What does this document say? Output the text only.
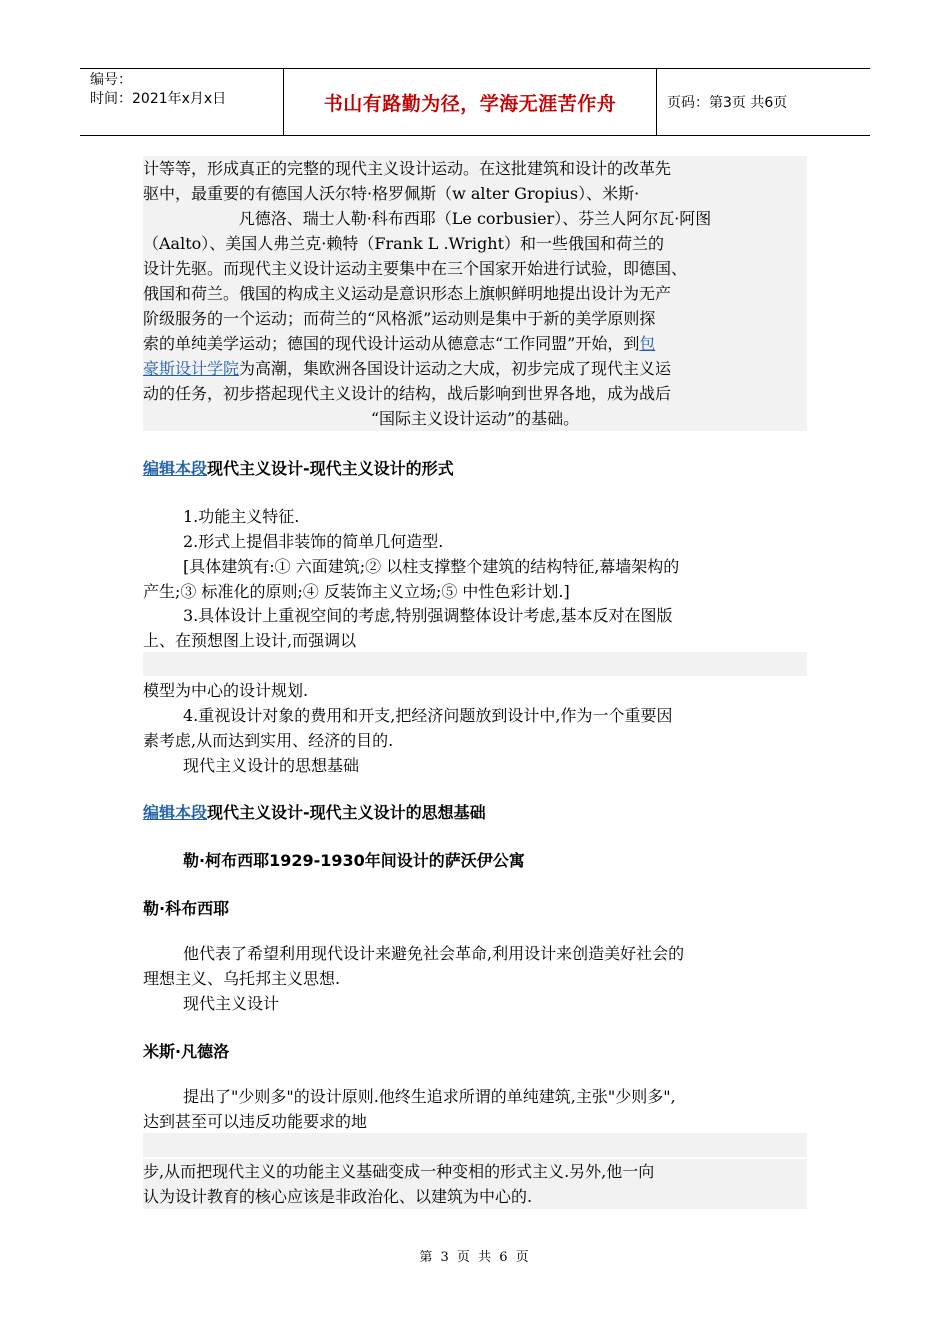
编号：
时间：2021年x月x日	书山有路勤为径，学海无涯苦作舟	页码：第3页 共6页
计等等，形成真正的完整的现代主义设计运动。在这批建筑和设计的改革先
驱中，最重要的有德国人沃尔特·格罗佩斯（w alter Gropius）、米斯·
凡德洛、瑞士人勒·科布西耶（Le corbusier）、芬兰人阿尔瓦·阿图
（Aalto）、美国人弗兰克·赖特（Frank L .Wright）和一些俄国和荷兰的
设计先驱。而现代主义设计运动主要集中在三个国家开始进行试验，即德国、
俄国和荷兰。俄国的构成主义运动是意识形态上旗帜鲜明地提出设计为无产
阶级服务的一个运动；而荷兰的“风格派”运动则是集中于新的美学原则探
索的单纯美学运动；德国的现代设计运动从德意志“工作同盟”开始，到包
豪斯设计学院为高潮，集欧洲各国设计运动之大成，初步完成了现代主义运
动的任务，初步搭起现代主义设计的结构，战后影响到世界各地，成为战后
“国际主义设计运动”的基础。
编辑本段现代主义设计-现代主义设计的形式
1.功能主义特征.
2.形式上提倡非装饰的简单几何造型.
[具体建筑有:① 六面建筑;② 以柱支撑整个建筑的结构特征,幕墙架构的
产生;③ 标准化的原则;④ 反装饰主义立场;⑤ 中性色彩计划.]
3.具体设计上重视空间的考虑,特别强调整体设计考虑,基本反对在图版
上、在预想图上设计,而强调以
模型为中心的设计规划.
4.重视设计对象的费用和开支,把经济问题放到设计中,作为一个重要因
素考虑,从而达到实用、经济的目的.
现代主义设计的思想基础
编辑本段现代主义设计-现代主义设计的思想基础
勒·柯布西耶1929-1930年间设计的萨沃伊公寓
勒·科布西耶
他代表了希望利用现代设计来避免社会革命,利用设计来创造美好社会的
理想主义、乌托邦主义思想.
现代主义设计
米斯·凡德洛
提出了"少则多"的设计原则.他终生追求所谓的单纯建筑,主张"少则多",
达到甚至可以违反功能要求的地
步,从而把现代主义的功能主义基础变成一种变相的形式主义.另外,他一向
认为设计教育的核心应该是非政治化、以建筑为中心的.
第 3 页 共 6 页
